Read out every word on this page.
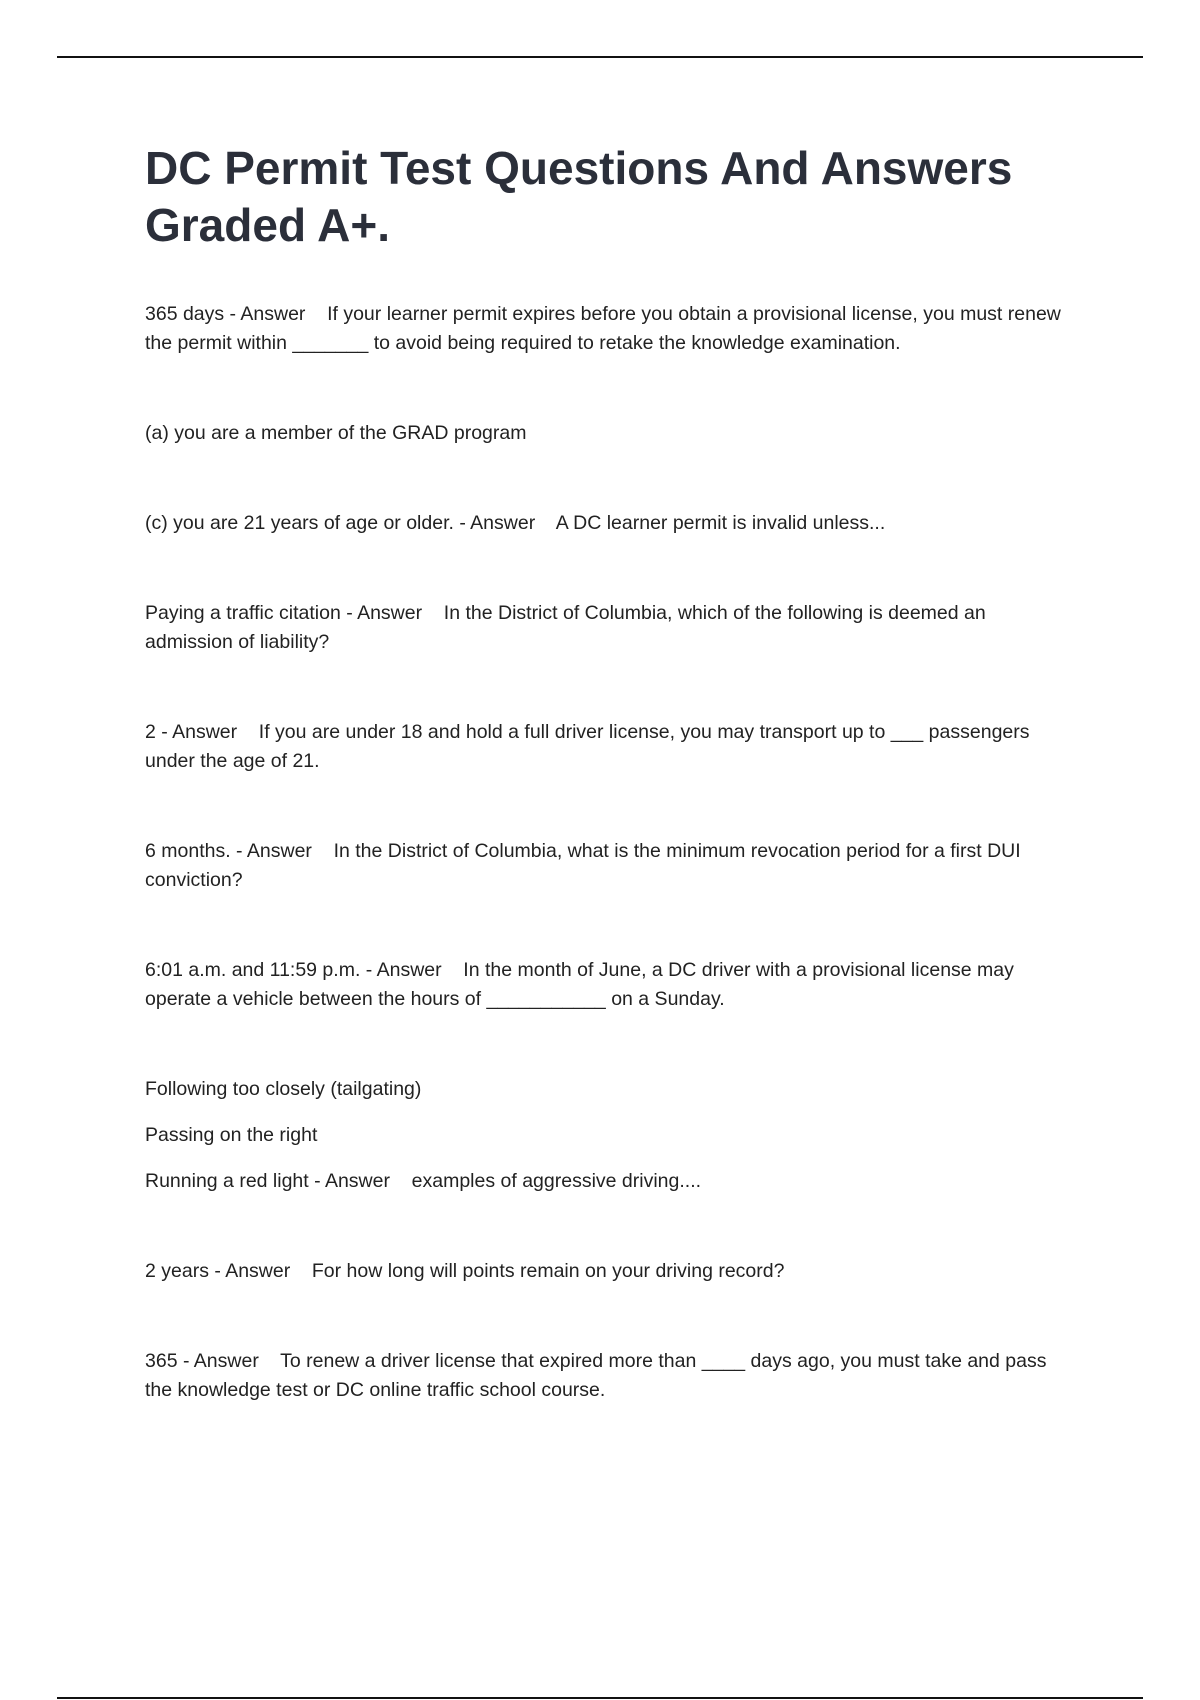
DC Permit Test Questions And Answers Graded A+.

365 days - Answer    If your learner permit expires before you obtain a provisional license, you must renew the permit within _______ to avoid being required to retake the knowledge examination.

(a) you are a member of the GRAD program

(c) you are 21 years of age or older. - Answer    A DC learner permit is invalid unless...

Paying a traffic citation - Answer    In the District of Columbia, which of the following is deemed an admission of liability?

2 - Answer    If you are under 18 and hold a full driver license, you may transport up to ___ passengers under the age of 21.

6 months. - Answer    In the District of Columbia, what is the minimum revocation period for a first DUI conviction?

6:01 a.m. and 11:59 p.m. - Answer    In the month of June, a DC driver with a provisional license may operate a vehicle between the hours of ___________ on a Sunday.

Following too closely (tailgating)

Passing on the right

Running a red light - Answer    examples of aggressive driving....

2 years - Answer    For how long will points remain on your driving record?

365 - Answer    To renew a driver license that expired more than ____ days ago, you must take and pass the knowledge test or DC online traffic school course.
